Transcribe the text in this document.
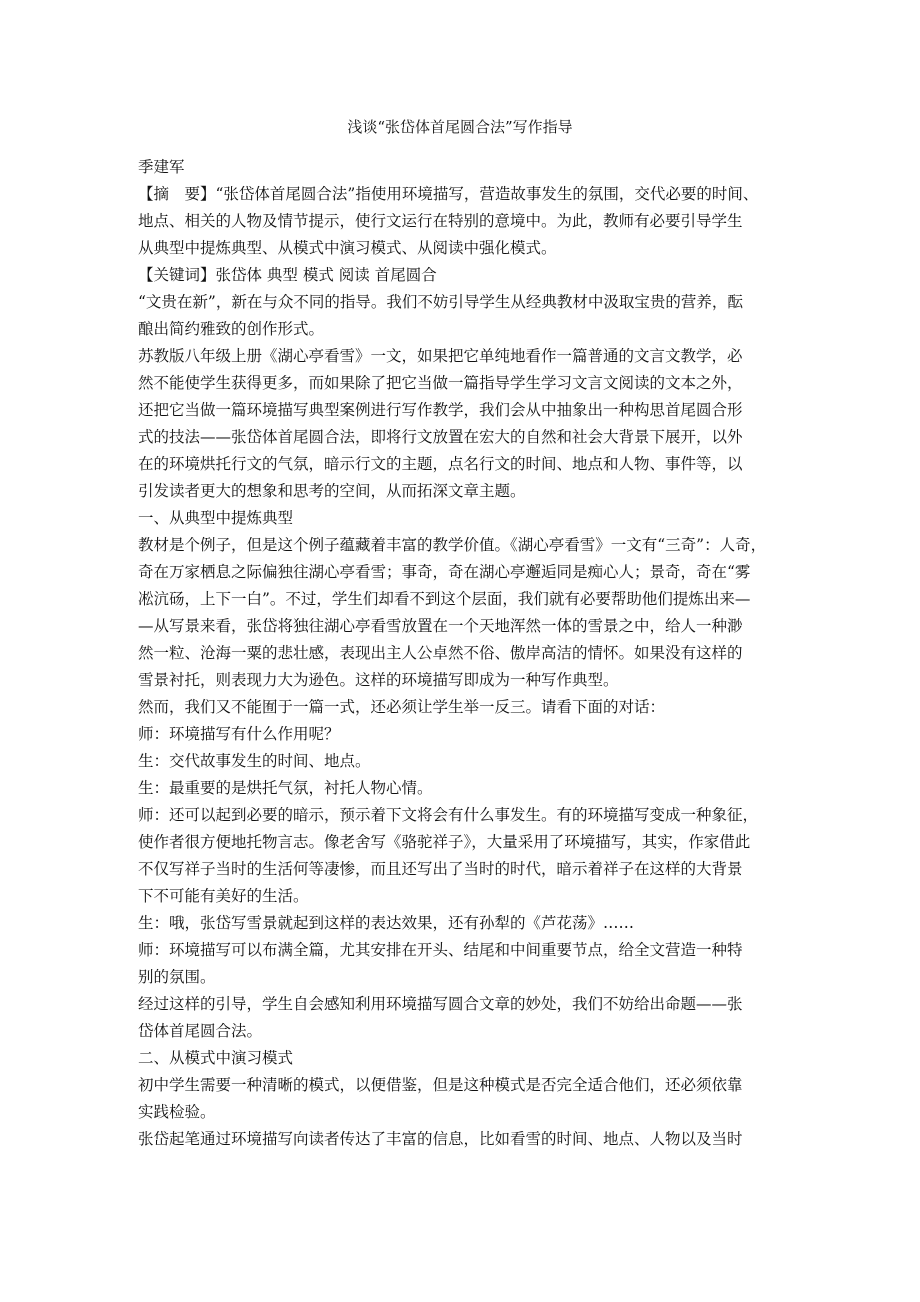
浅谈“张岱体首尾圆合法”写作指导
季建军
【摘　要】“张岱体首尾圆合法”指使用环境描写，营造故事发生的氛围，交代必要的时间、
地点、相关的人物及情节提示，使行文运行在特别的意境中。为此，教师有必要引导学生
从典型中提炼典型、从模式中演习模式、从阅读中强化模式。
【关键词】张岱体 典型 模式 阅读 首尾圆合
“文贵在新”，新在与众不同的指导。我们不妨引导学生从经典教材中汲取宝贵的营养，酝
酿出简约雅致的创作形式。
苏教版八年级上册《湖心亭看雪》一文，如果把它单纯地看作一篇普通的文言文教学，必
然不能使学生获得更多，而如果除了把它当做一篇指导学生学习文言文阅读的文本之外，
还把它当做一篇环境描写典型案例进行写作教学，我们会从中抽象出一种构思首尾圆合形
式的技法——张岱体首尾圆合法，即将行文放置在宏大的自然和社会大背景下展开，以外
在的环境烘托行文的气氛，暗示行文的主题，点名行文的时间、地点和人物、事件等，以
引发读者更大的想象和思考的空间，从而拓深文章主题。
一、从典型中提炼典型
教材是个例子，但是这个例子蕴藏着丰富的教学价值。《湖心亭看雪》一文有“三奇”：人奇，
奇在万家栖息之际偏独往湖心亭看雪；事奇，奇在湖心亭邂逅同是痴心人；景奇，奇在“雾
凇沆砀，上下一白”。不过，学生们却看不到这个层面，我们就有必要帮助他们提炼出来—
—从写景来看，张岱将独往湖心亭看雪放置在一个天地浑然一体的雪景之中，给人一种渺
然一粒、沧海一粟的悲壮感，表现出主人公卓然不俗、傲岸高洁的情怀。如果没有这样的
雪景衬托，则表现力大为逊色。这样的环境描写即成为一种写作典型。
然而，我们又不能囿于一篇一式，还必须让学生举一反三。请看下面的对话：
师：环境描写有什么作用呢？
生：交代故事发生的时间、地点。
生：最重要的是烘托气氛，衬托人物心情。
师：还可以起到必要的暗示，预示着下文将会有什么事发生。有的环境描写变成一种象征，
使作者很方便地托物言志。像老舍写《骆驼祥子》，大量采用了环境描写，其实，作家借此
不仅写祥子当时的生活何等凄惨，而且还写出了当时的时代，暗示着祥子在这样的大背景
下不可能有美好的生活。
生：哦，张岱写雪景就起到这样的表达效果，还有孙犁的《芦花荡》……
师：环境描写可以布满全篇，尤其安排在开头、结尾和中间重要节点，给全文营造一种特
别的氛围。
经过这样的引导，学生自会感知利用环境描写圆合文章的妙处，我们不妨给出命题——张
岱体首尾圆合法。
二、从模式中演习模式
初中学生需要一种清晰的模式，以便借鉴，但是这种模式是否完全适合他们，还必须依靠
实践检验。
张岱起笔通过环境描写向读者传达了丰富的信息，比如看雪的时间、地点、人物以及当时
